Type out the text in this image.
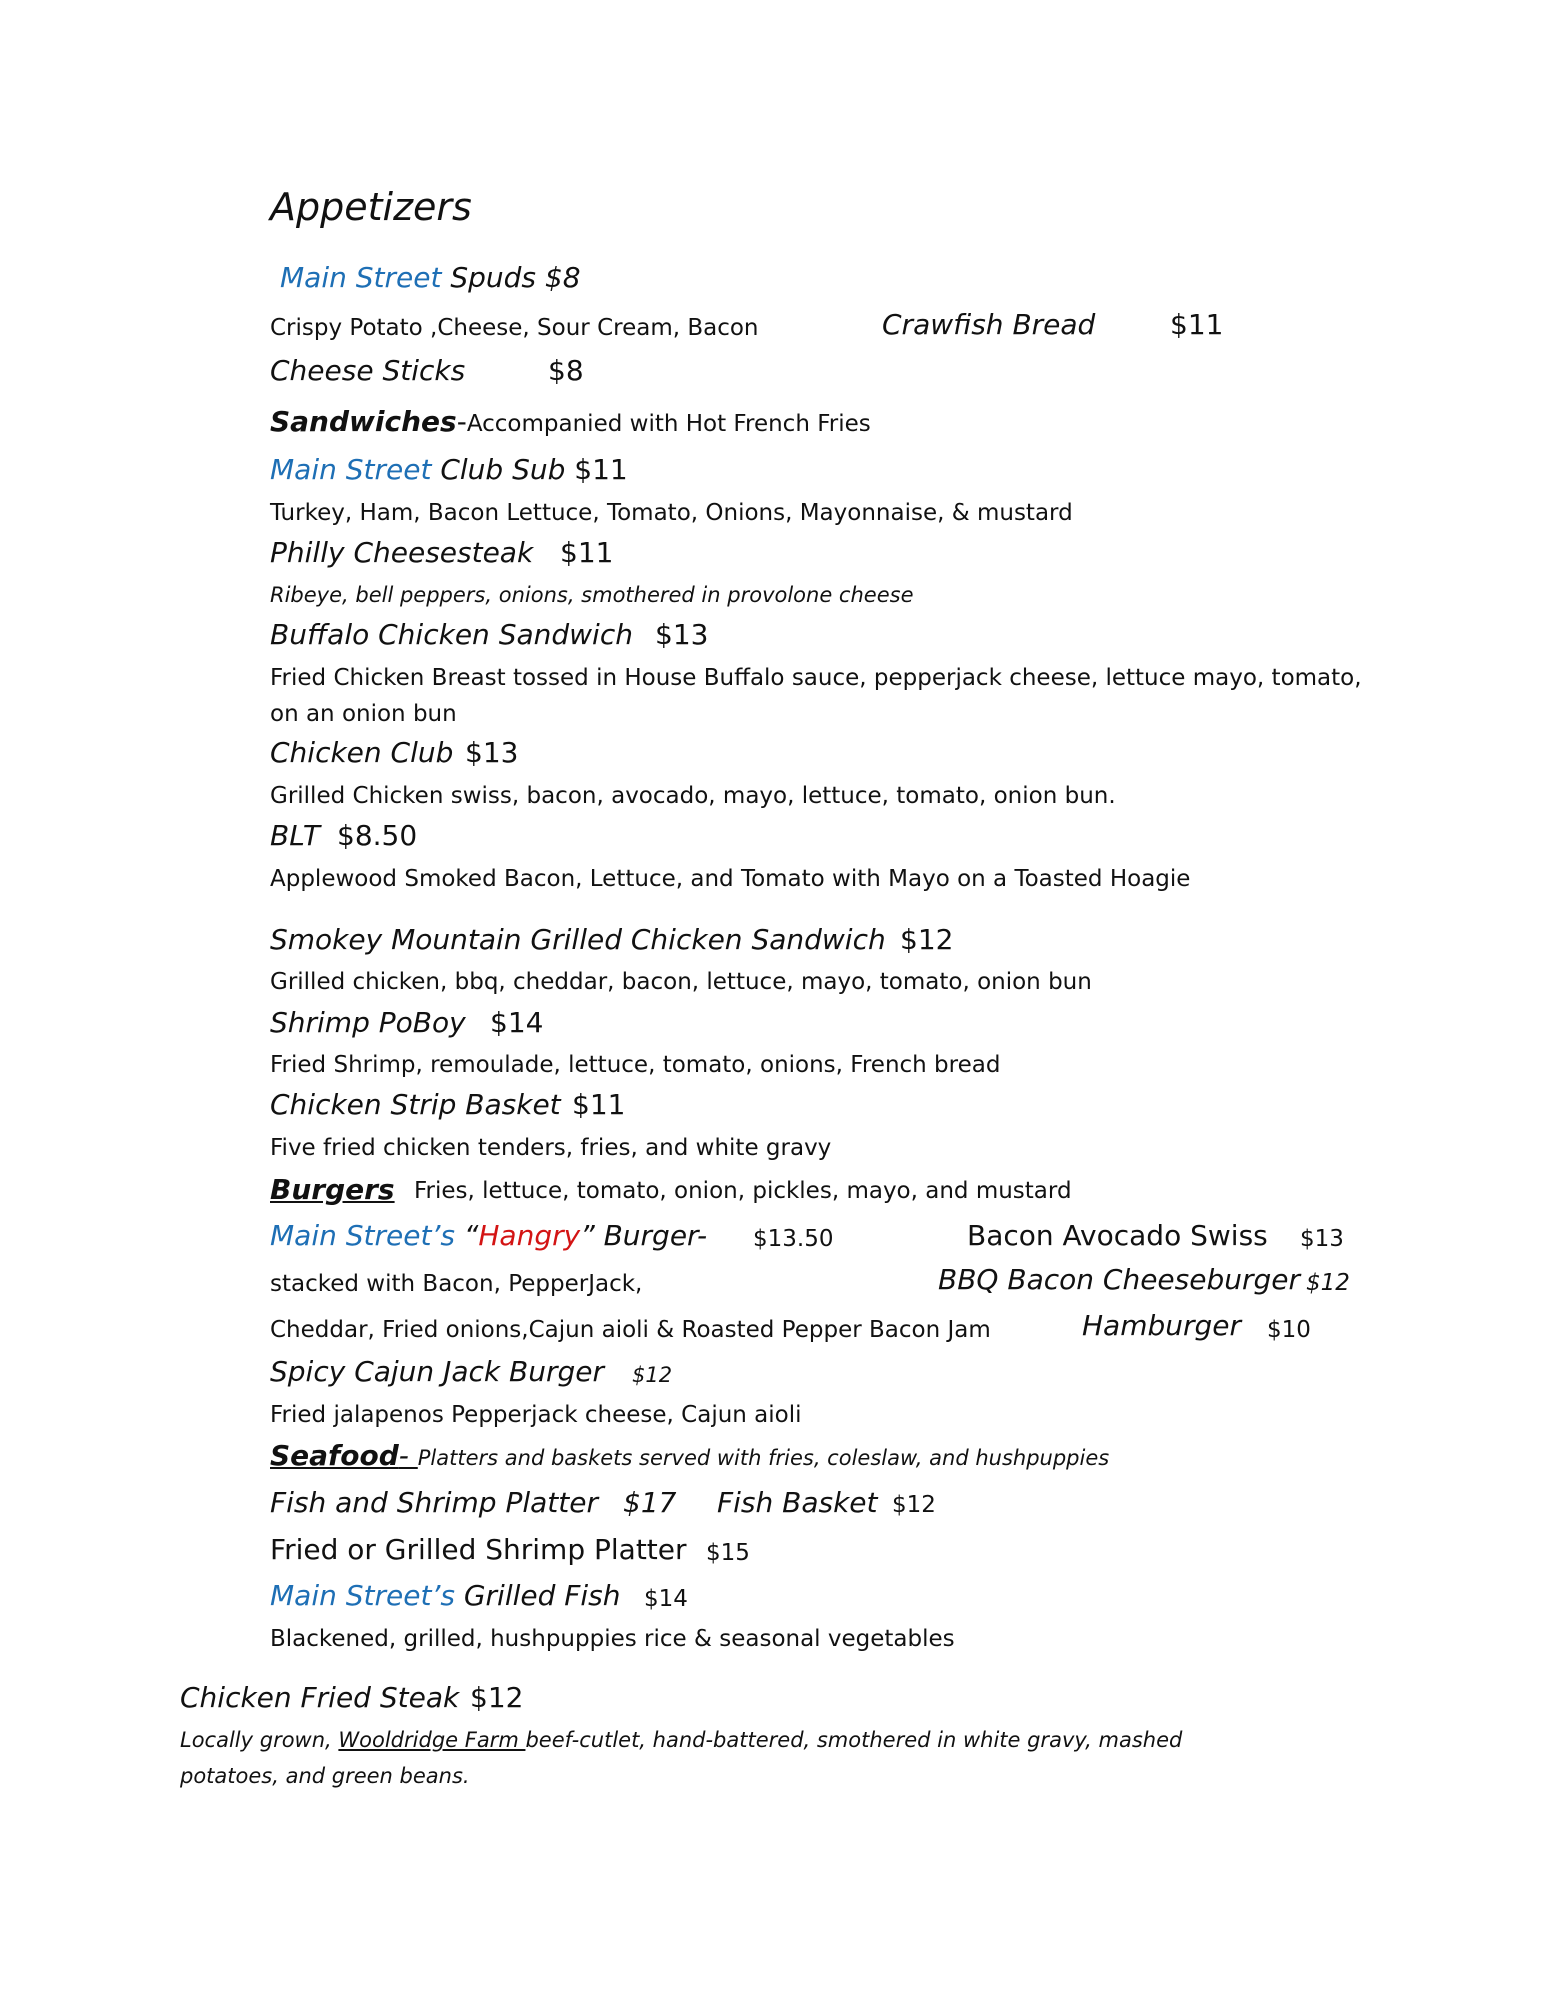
Appetizers
Main Street Spuds $8
Crispy Potato ,Cheese, Sour Cream, Bacon	Crawfish Bread	$11
Cheese Sticks	$8
Sandwiches-Accompanied with Hot French Fries
Main Street Club Sub $11
Turkey, Ham, Bacon Lettuce, Tomato, Onions, Mayonnaise, & mustard
Philly Cheesesteak $11
Ribeye, bell peppers, onions, smothered in provolone cheese
Buffalo Chicken Sandwich $13
Fried Chicken Breast tossed in House Buffalo sauce, pepperjack cheese, lettuce mayo, tomato,
on an onion bun
Chicken Club $13
Grilled Chicken swiss, bacon, avocado, mayo, lettuce, tomato, onion bun.
BLT $8.50
Applewood Smoked Bacon, Lettuce, and Tomato with Mayo on a Toasted Hoagie
Smokey Mountain Grilled Chicken Sandwich $12
Grilled chicken, bbq, cheddar, bacon, lettuce, mayo, tomato, onion bun
Shrimp PoBoy $14
Fried Shrimp, remoulade, lettuce, tomato, onions, French bread
Chicken Strip Basket $11
Five fried chicken tenders, fries, and white gravy
Burgers Fries, lettuce, tomato, onion, pickles, mayo, and mustard
Main Street’s “Hangry” Burger- $13.50	Bacon Avocado Swiss $13
stacked with Bacon, PepperJack,	BBQ Bacon Cheeseburger $12
Cheddar, Fried onions,Cajun aioli & Roasted Pepper Bacon Jam	Hamburger $10
Spicy Cajun Jack Burger $12
Fried jalapenos Pepperjack cheese, Cajun aioli
Seafood- Platters and baskets served with fries, coleslaw, and hushpuppies
Fish and Shrimp Platter $17 Fish Basket $12
Fried or Grilled Shrimp Platter $15
Main Street’s Grilled Fish $14
Blackened, grilled, hushpuppies rice & seasonal vegetables
Chicken Fried Steak $12
Locally grown, Wooldridge Farm beef-cutlet, hand-battered, smothered in white gravy, mashed
potatoes, and green beans.
